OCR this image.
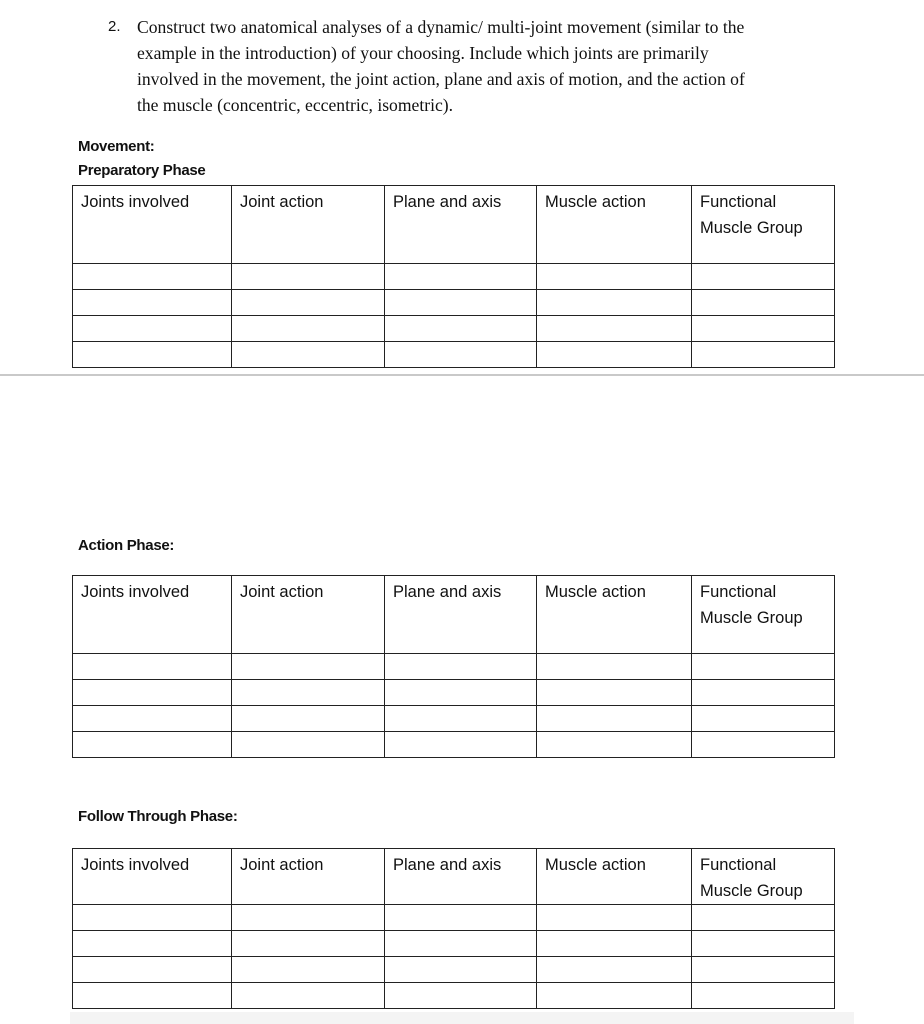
2. Construct two anatomical analyses of a dynamic/ multi-joint movement (similar to the
example in the introduction) of your choosing. Include which joints are primarily
involved in the movement, the joint action, plane and axis of motion, and the action of
the muscle (concentric, eccentric, isometric).
Movement:
Preparatory Phase
Joints involved	Joint action	Plane and axis	Muscle action	Functional
Muscle Group

Action Phase:
Joints involved	Joint action	Plane and axis	Muscle action	Functional
Muscle Group

Follow Through Phase:
Joints involved	Joint action	Plane and axis	Muscle action	Functional
Muscle Group
